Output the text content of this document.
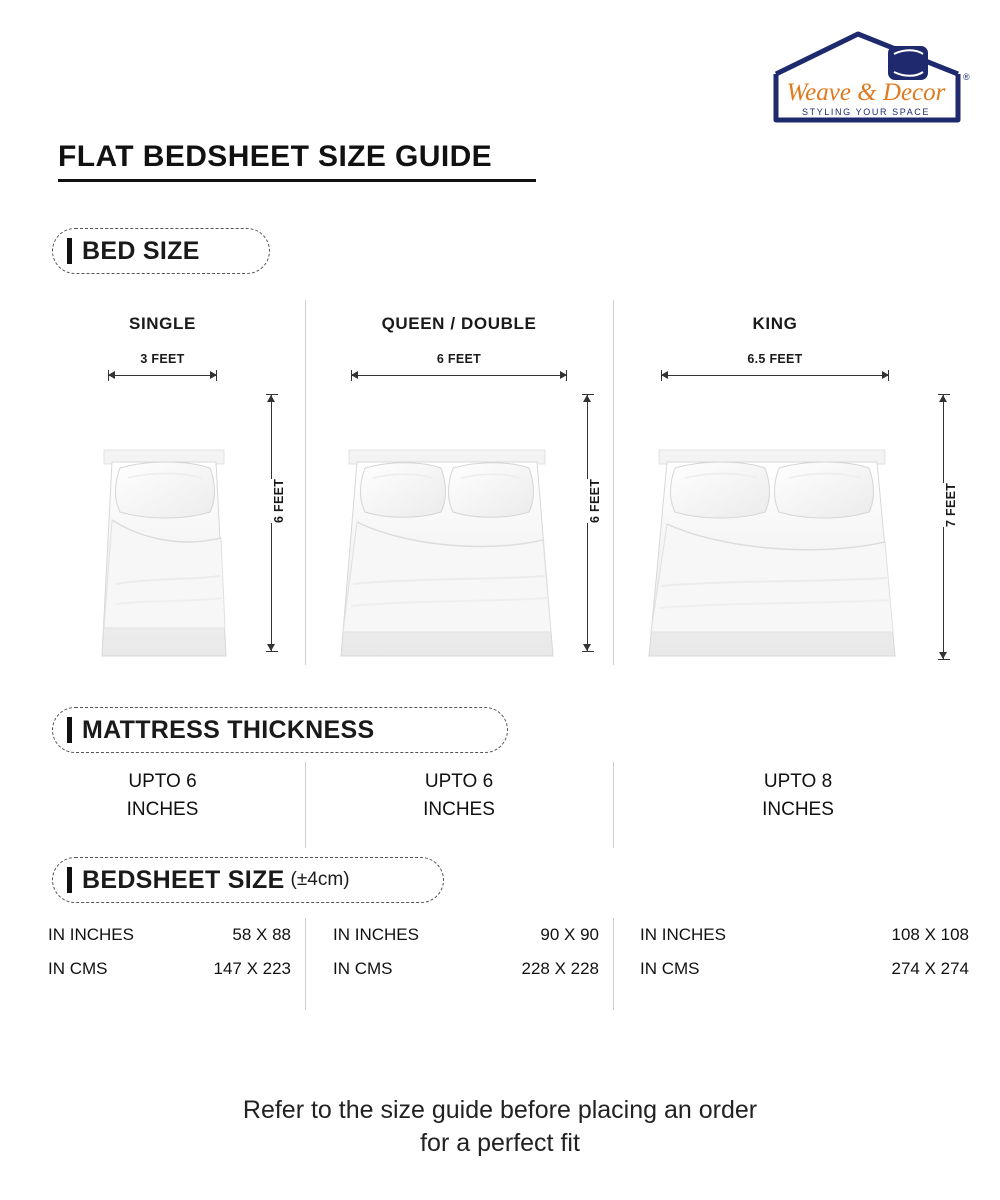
®
Weave & Decor
STYLING YOUR SPACE
FLAT BEDSHEET SIZE GUIDE
BED SIZE
SINGLE
3 FEET
6 FEET
QUEEN / DOUBLE
6 FEET
6 FEET
KING
6.5 FEET
7 FEET
MATTRESS THICKNESS
UPTO 6
INCHES
UPTO 6
INCHES
UPTO 8
INCHES
BEDSHEET SIZE (±4cm)
IN INCHES	58 X 88
IN CMS	147 X 223
IN INCHES	90 X 90
IN CMS	228 X 228
IN INCHES	108 X 108
IN CMS	274 X 274
Refer to the size guide before placing an order
for a perfect fit
